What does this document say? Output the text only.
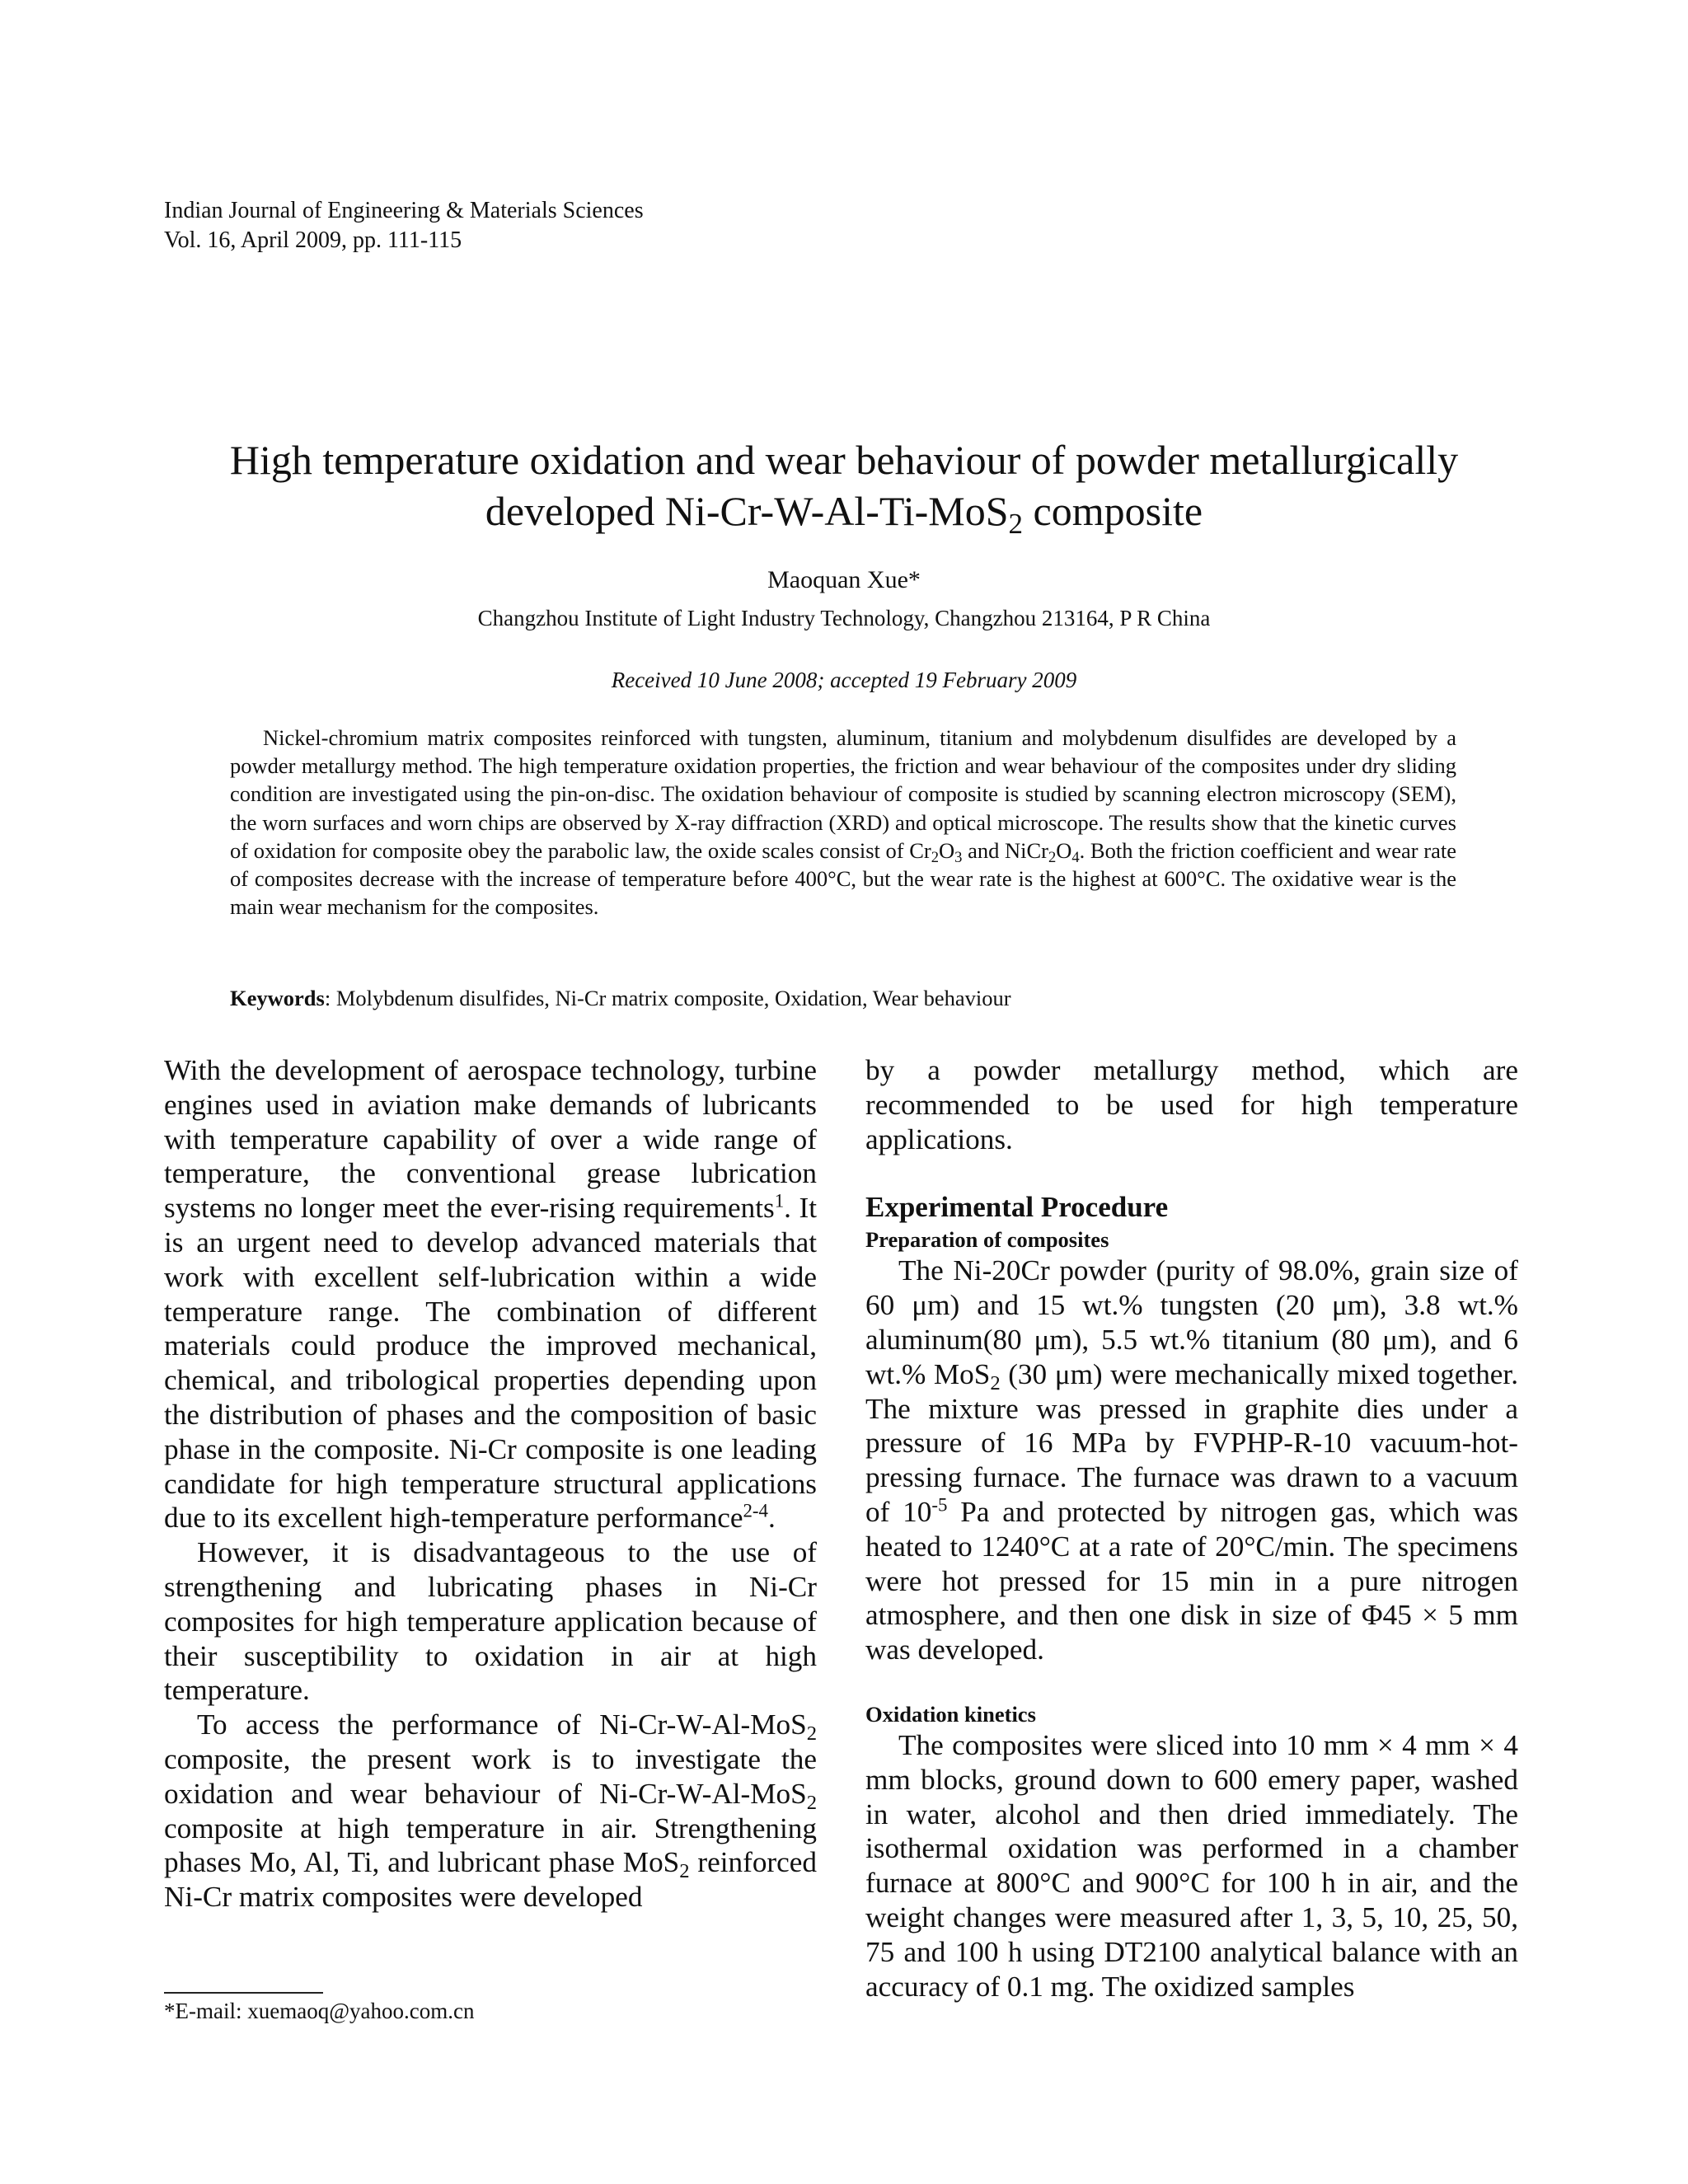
Indian Journal of Engineering & Materials Sciences
Vol. 16, April 2009, pp. 111-115
High temperature oxidation and wear behaviour of powder metallurgically
developed Ni-Cr-W-Al-Ti-MoS$_2$ composite
Maoquan Xue*
Changzhou Institute of Light Industry Technology, Changzhou 213164, P R China
Received 10 June 2008; accepted 19 February 2009

Nickel-chromium matrix composites reinforced with tungsten, aluminum, titanium and molybdenum disulfides are developed by a powder metallurgy method. The high temperature oxidation properties, the friction and wear behaviour of the composites under dry sliding condition are investigated using the pin-on-disc. The oxidation behaviour of composite is studied by scanning electron microscopy (SEM), the worn surfaces and worn chips are observed by X-ray diffraction (XRD) and optical microscope. The results show that the kinetic curves of oxidation for composite obey the parabolic law, the oxide scales consist of $Cr_2O_3$ and $NiCr_2O_4$. Both the friction coefficient and wear rate of composites decrease with the increase of temperature before 400°C, but the wear rate is the highest at 600°C. The oxidative wear is the main wear mechanism for the composites.

Keywords: Molybdenum disulfides, Ni-Cr matrix composite, Oxidation, Wear behaviour

With the development of aerospace technology, turbine engines used in aviation make demands of lubricants with temperature capability of over a wide range of temperature, the conventional grease lubrication systems no longer meet the ever-rising requirements$^1$. It is an urgent need to develop advanced materials that work with excellent self-lubrication within a wide temperature range. The combination of different materials could produce the improved mechanical, chemical, and tribological properties depending upon the distribution of phases and the composition of basic phase in the composite. Ni-Cr composite is one leading candidate for high temperature structural applications due to its excellent high-temperature performance$^{2-4}$.

However, it is disadvantageous to the use of strengthening and lubricating phases in Ni-Cr composites for high temperature application because of their susceptibility to oxidation in air at high temperature.

To access the performance of Ni-Cr-W-Al-MoS$_2$ composite, the present work is to investigate the oxidation and wear behaviour of Ni-Cr-W-Al-MoS$_2$ composite at high temperature in air. Strengthening phases Mo, Al, Ti, and lubricant phase MoS$_2$ reinforced Ni-Cr matrix composites were developed

by a powder metallurgy method, which are recommended to be used for high temperature applications.

Experimental Procedure
Preparation of composites

The Ni-20Cr powder (purity of 98.0%, grain size of 60 μm) and 15 wt.% tungsten (20 μm), 3.8 wt.% aluminum(80 μm), 5.5 wt.% titanium (80 μm), and 6 wt.% MoS$_2$ (30 μm) were mechanically mixed together. The mixture was pressed in graphite dies under a pressure of 16 MPa by FVPHP-R-10 vacuum-hot-pressing furnace. The furnace was drawn to a vacuum of $10^{-5}$ Pa and protected by nitrogen gas, which was heated to 1240°C at a rate of 20°C/min. The specimens were hot pressed for 15 min in a pure nitrogen atmosphere, and then one disk in size of Φ45 × 5 mm was developed.

Oxidation kinetics

The composites were sliced into 10 mm × 4 mm × 4 mm blocks, ground down to 600 emery paper, washed in water, alcohol and then dried immediately. The isothermal oxidation was performed in a chamber furnace at 800°C and 900°C for 100 h in air, and the weight changes were measured after 1, 3, 5, 10, 25, 50, 75 and 100 h using DT2100 analytical balance with an accuracy of 0.1 mg. The oxidized samples

*E-mail: xuemaoq@yahoo.com.cn
